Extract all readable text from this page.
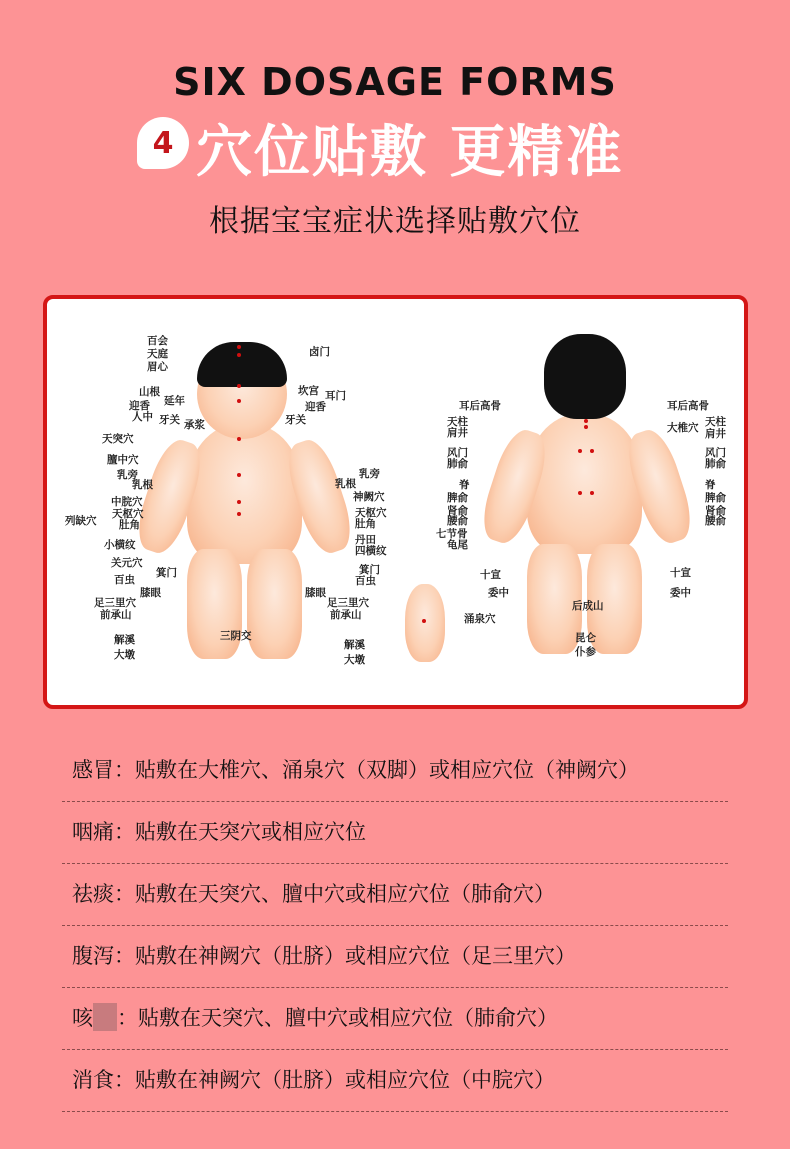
SIX DOSAGE FORMS
4 穴位贴敷 更精准
根据宝宝症状选择贴敷穴位
百会
天庭
眉心
山根
延年
迎香
人中 牙关 承浆
天突穴
膻中穴
乳旁
乳根
中脘穴
列缺穴
天枢穴
肚角
小横纹
关元穴
箕门
百虫
膝眼
足三里穴
前承山
三阴交
解溪
大墩
卤门
坎宫 耳门
迎香
牙关
乳旁
乳根
神阙穴
天枢穴
肚角
丹田
四横纹
箕门
百虫
膝眼
足三里穴
前承山
解溪
大墩
耳后高骨
天柱
肩井
风门
肺俞
脊
脾俞
肾俞
腰俞
七节骨
龟尾
十宣
委中
涌泉穴
后成山
昆仑
仆参
耳后高骨
大椎穴 天柱
肩井
风门
肺俞
脊
脾俞
肾俞
腰俞
十宣
委中
感冒：贴敷在大椎穴、涌泉穴（双脚）或相应穴位（神阙穴）
咽痛：贴敷在天突穴或相应穴位
祛痰：贴敷在天突穴、膻中穴或相应穴位（肺俞穴）
腹泻：贴敷在神阙穴（肚脐）或相应穴位（足三里穴）
咳 ：贴敷在天突穴、膻中穴或相应穴位（肺俞穴）
消食：贴敷在神阙穴（肚脐）或相应穴位（中脘穴）
